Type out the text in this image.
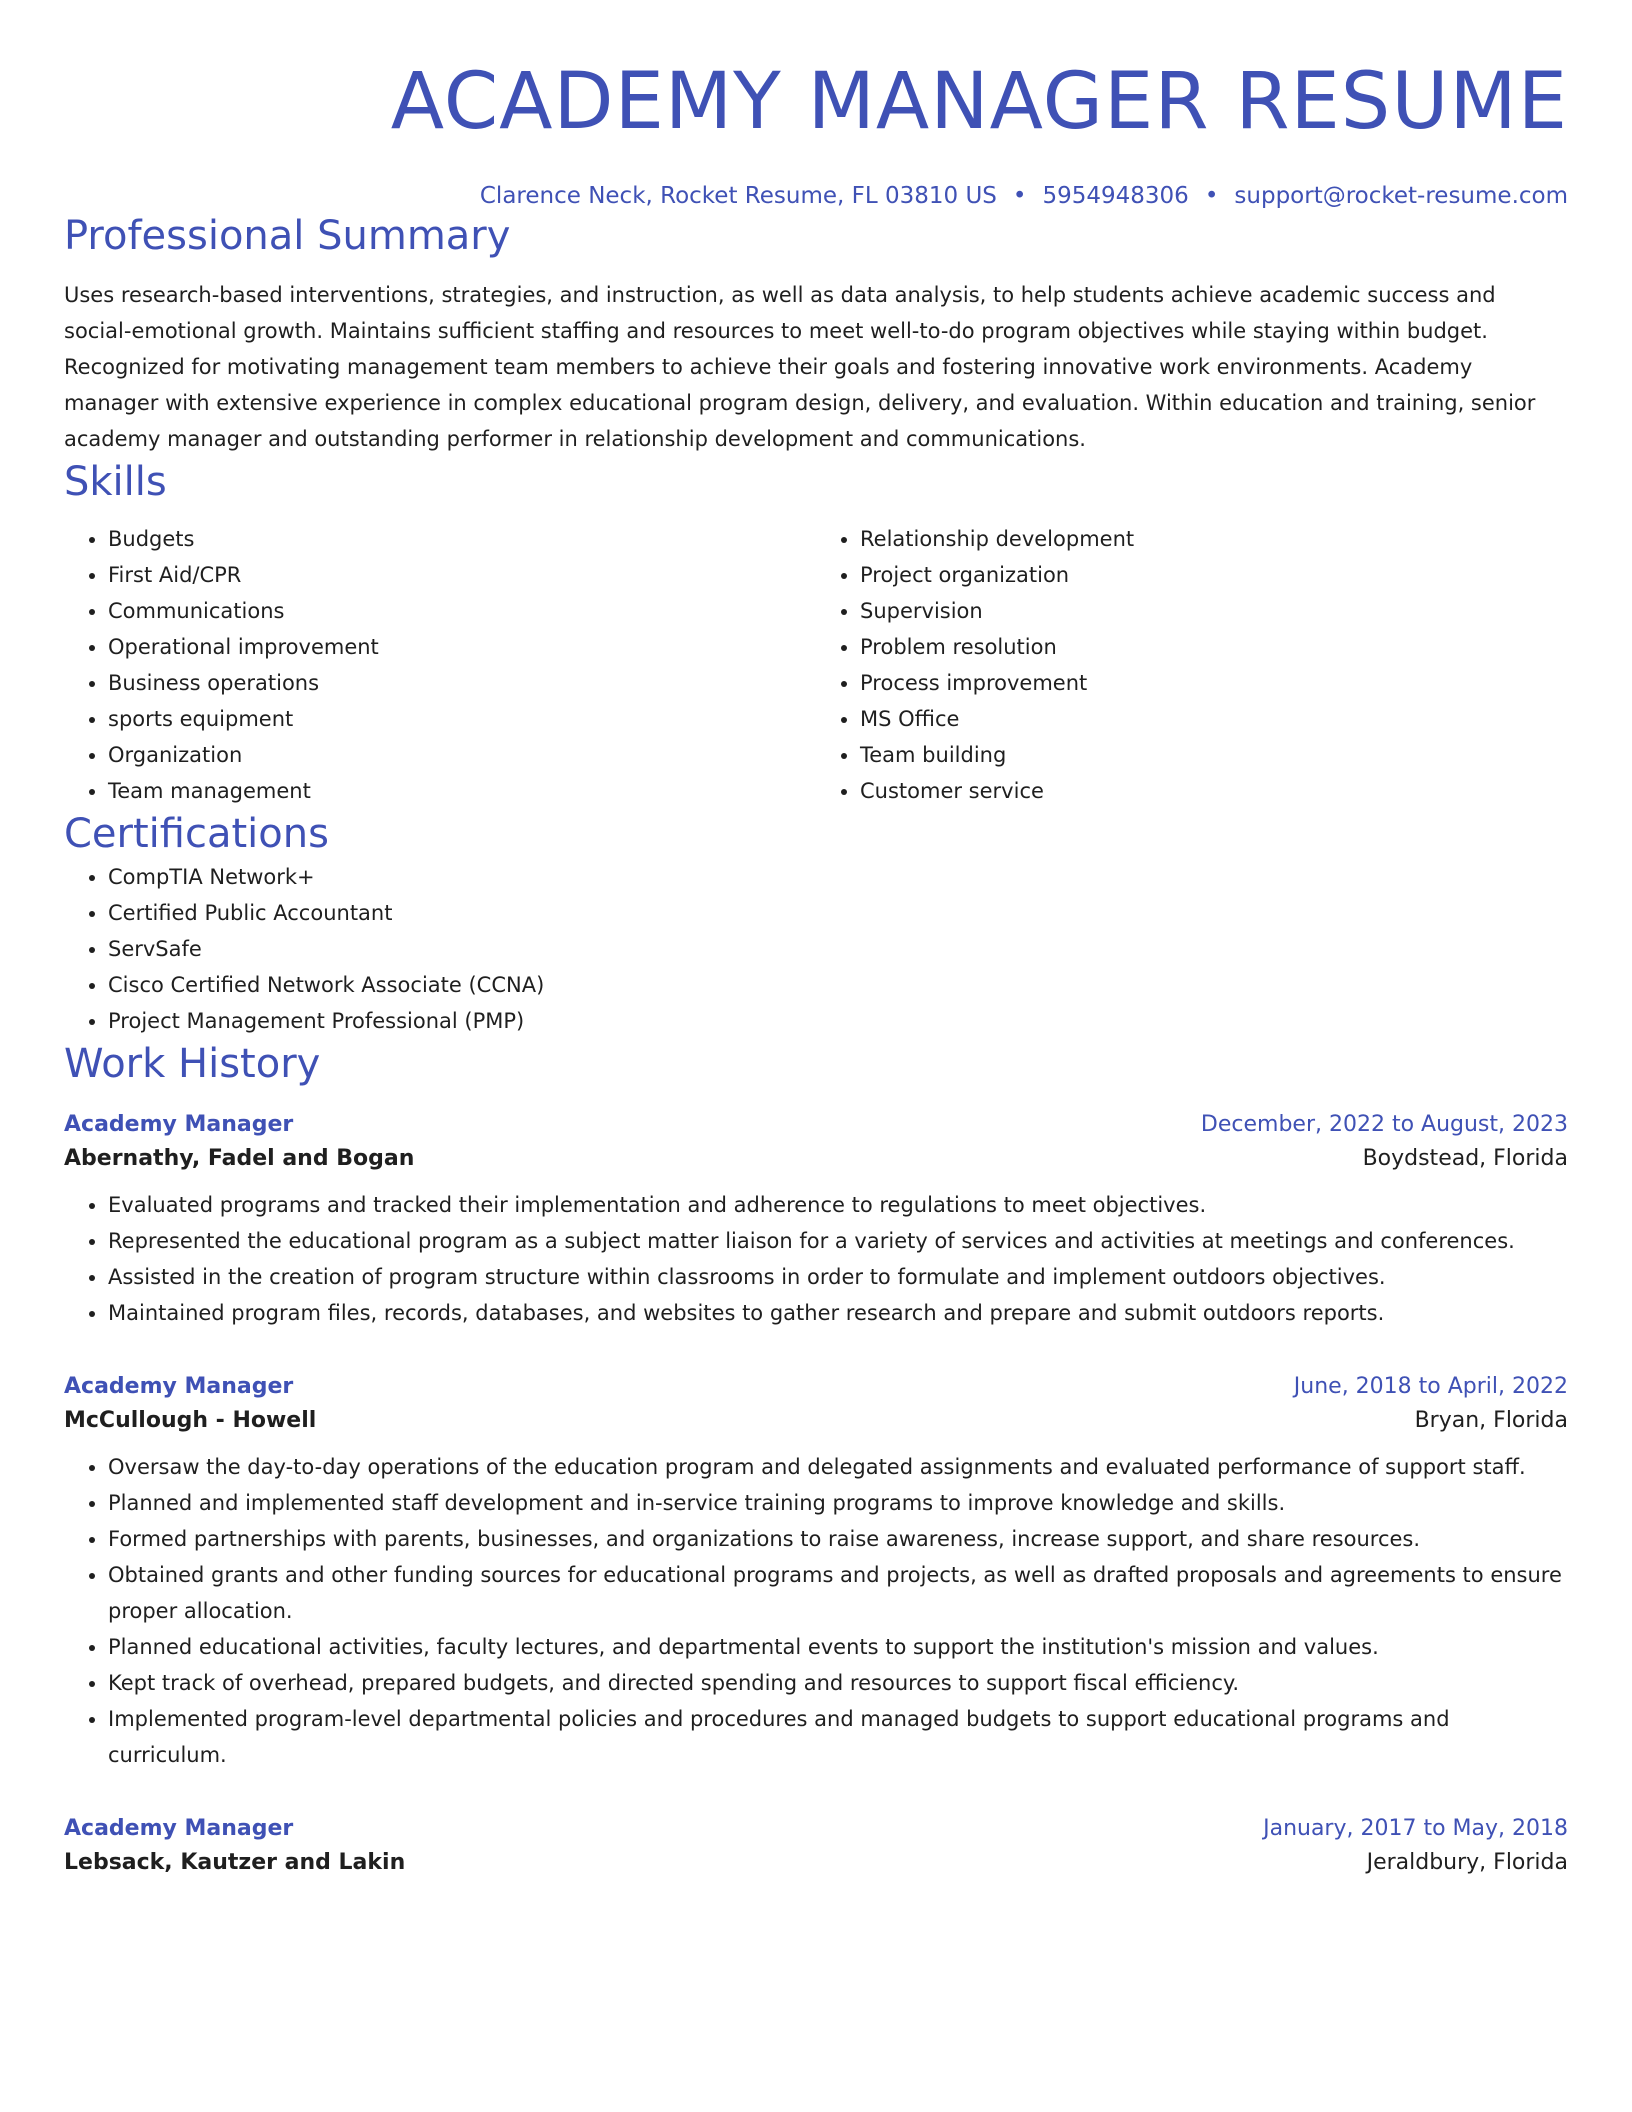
ACADEMY MANAGER RESUME
Clarence Neck, Rocket Resume, FL 03810 US • 5954948306 • support@rocket-resume.com
Professional Summary

Uses research-based interventions, strategies, and instruction, as well as data analysis, to help students achieve academic success and social-emotional growth. Maintains sufficient staffing and resources to meet well-to-do program objectives while staying within budget. Recognized for motivating management team members to achieve their goals and fostering innovative work environments. Academy manager with extensive experience in complex educational program design, delivery, and evaluation. Within education and training, senior academy manager and outstanding performer in relationship development and communications.

Skills
• Budgets
• First Aid/CPR
• Communications
• Operational improvement
• Business operations
• sports equipment
• Organization
• Team management
• Relationship development
• Project organization
• Supervision
• Problem resolution
• Process improvement
• MS Office
• Team building
• Customer service
Certifications
• CompTIA Network+
• Certified Public Accountant
• ServSafe
• Cisco Certified Network Associate (CCNA)
• Project Management Professional (PMP)
Work History
Academy Manager	December, 2022 to August, 2023
Abernathy, Fadel and Bogan	Boydstead, Florida
• Evaluated programs and tracked their implementation and adherence to regulations to meet objectives.
• Represented the educational program as a subject matter liaison for a variety of services and activities at meetings and conferences.
• Assisted in the creation of program structure within classrooms in order to formulate and implement outdoors objectives.
• Maintained program files, records, databases, and websites to gather research and prepare and submit outdoors reports.
Academy Manager	June, 2018 to April, 2022
McCullough - Howell	Bryan, Florida
• Oversaw the day-to-day operations of the education program and delegated assignments and evaluated performance of support staff.
• Planned and implemented staff development and in-service training programs to improve knowledge and skills.
• Formed partnerships with parents, businesses, and organizations to raise awareness, increase support, and share resources.
• Obtained grants and other funding sources for educational programs and projects, as well as drafted proposals and agreements to ensure proper allocation.
• Planned educational activities, faculty lectures, and departmental events to support the institution's mission and values.
• Kept track of overhead, prepared budgets, and directed spending and resources to support fiscal efficiency.
• Implemented program-level departmental policies and procedures and managed budgets to support educational programs and curriculum.
Academy Manager	January, 2017 to May, 2018
Lebsack, Kautzer and Lakin	Jeraldbury, Florida
